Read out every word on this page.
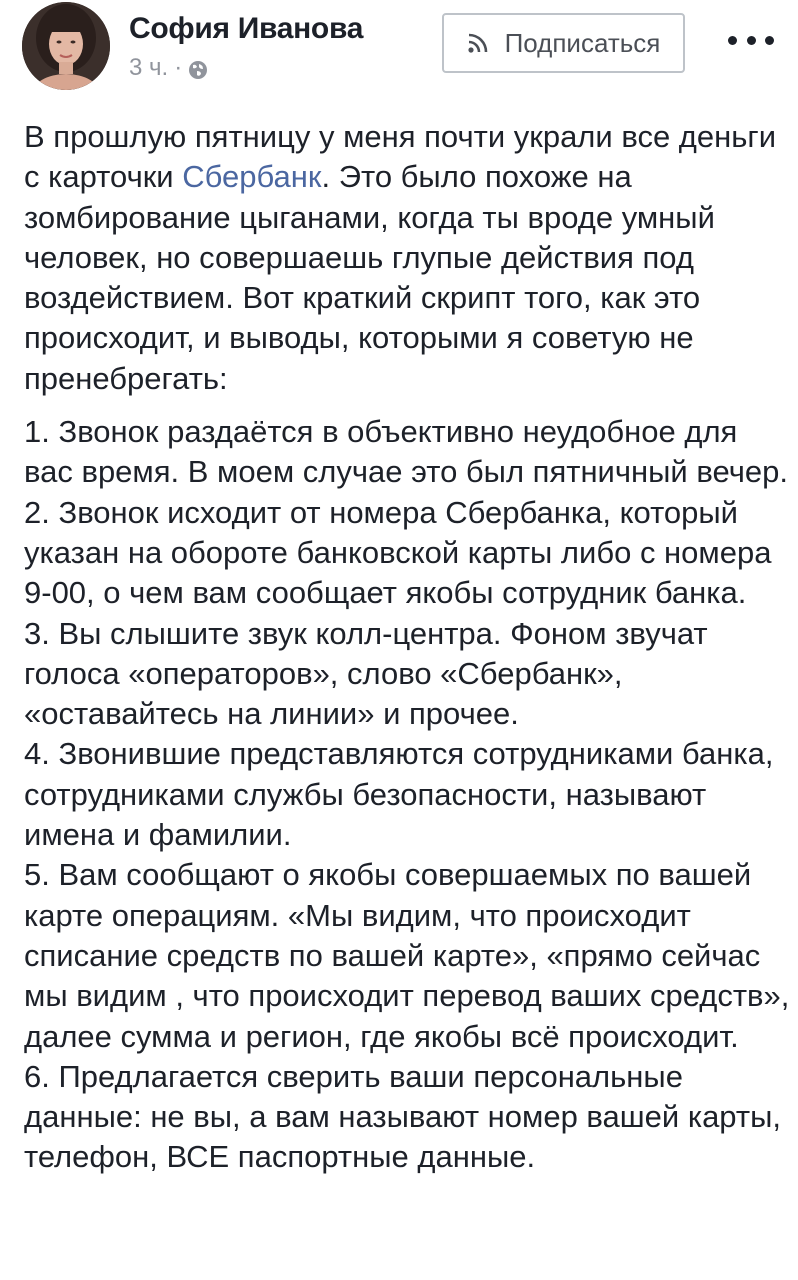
София Иванова
3 ч. ·
Подписаться

В прошлую пятницу у меня почти украли все деньги с карточки Сбербанк. Это было похоже на зомбирование цыганами, когда ты вроде умный человек, но совершаешь глупые действия под воздействием. Вот краткий скрипт того, как это происходит, и выводы, которыми я советую не пренебрегать:

1. Звонок раздаётся в объективно неудобное для вас время. В моем случае это был пятничный вечер.

2. Звонок исходит от номера Сбербанка, который указан на обороте банковской карты либо с номера 9-00, о чем вам сообщает якобы сотрудник банка.

3. Вы слышите звук колл-центра. Фоном звучат голоса «операторов», слово «Сбербанк», «оставайтесь на линии» и прочее.

4. Звонившие представляются сотрудниками банка, сотрудниками службы безопасности, называют имена и фамилии.

5. Вам сообщают о якобы совершаемых по вашей карте операциям. «Мы видим, что происходит списание средств по вашей карте», «прямо сейчас мы видим , что происходит перевод ваших средств», далее сумма и регион, где якобы всё происходит.

6. Предлагается сверить ваши персональные данные: не вы, а вам называют номер вашей карты, телефон, ВСЕ паспортные данные.
